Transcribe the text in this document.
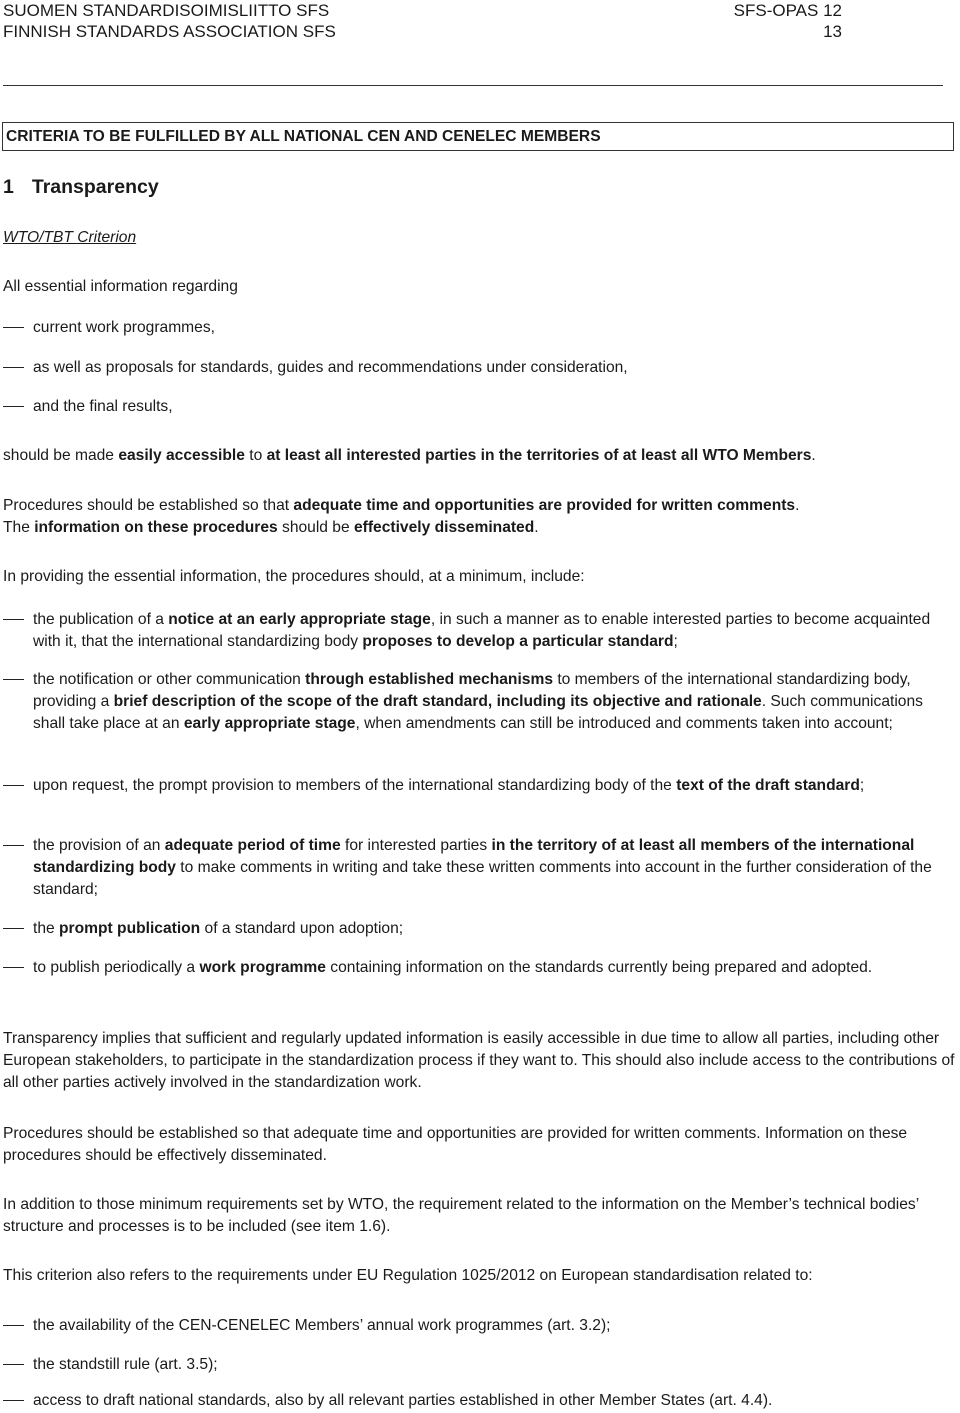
SUOMEN STANDARDISOIMISLIITTO SFS	SFS-OPAS 12
FINNISH STANDARDS ASSOCIATION SFS	13
CRITERIA TO BE FULFILLED BY ALL NATIONAL CEN AND CENELEC MEMBERS
1 Transparency
WTO/TBT Criterion
All essential information regarding
current work programmes,
as well as proposals for standards, guides and recommendations under consideration,
and the final results,

should be made easily accessible to at least all interested parties in the territories of at least all WTO Members.

Procedures should be established so that adequate time and opportunities are provided for written comments.
The information on these procedures should be effectively disseminated.

In providing the essential information, the procedures should, at a minimum, include:

the publication of a notice at an early appropriate stage, in such a manner as to enable interested parties to become acquainted with it, that the international standardizing body proposes to develop a particular standard;
the notification or other communication through established mechanisms to members of the international standardizing body, providing a brief description of the scope of the draft standard, including its objective and rationale. Such communications shall take place at an early appropriate stage, when amendments can still be introduced and comments taken into account;
upon request, the prompt provision to members of the international standardizing body of the text of the draft standard;
the provision of an adequate period of time for interested parties in the territory of at least all members of the international standardizing body to make comments in writing and take these written comments into account in the further consideration of the standard;
the prompt publication of a standard upon adoption;
to publish periodically a work programme containing information on the standards currently being prepared and adopted.

Transparency implies that sufficient and regularly updated information is easily accessible in due time to allow all parties, including other European stakeholders, to participate in the standardization process if they want to. This should also include access to the contributions of all other parties actively involved in the standardization work.

Procedures should be established so that adequate time and opportunities are provided for written comments. Information on these procedures should be effectively disseminated.

In addition to those minimum requirements set by WTO, the requirement related to the information on the Member’s technical bodies’ structure and processes is to be included (see item 1.6).

This criterion also refers to the requirements under EU Regulation 1025/2012 on European standardisation related to:

the availability of the CEN-CENELEC Members’ annual work programmes (art. 3.2);
the standstill rule (art. 3.5);
access to draft national standards, also by all relevant parties established in other Member States (art. 4.4).
